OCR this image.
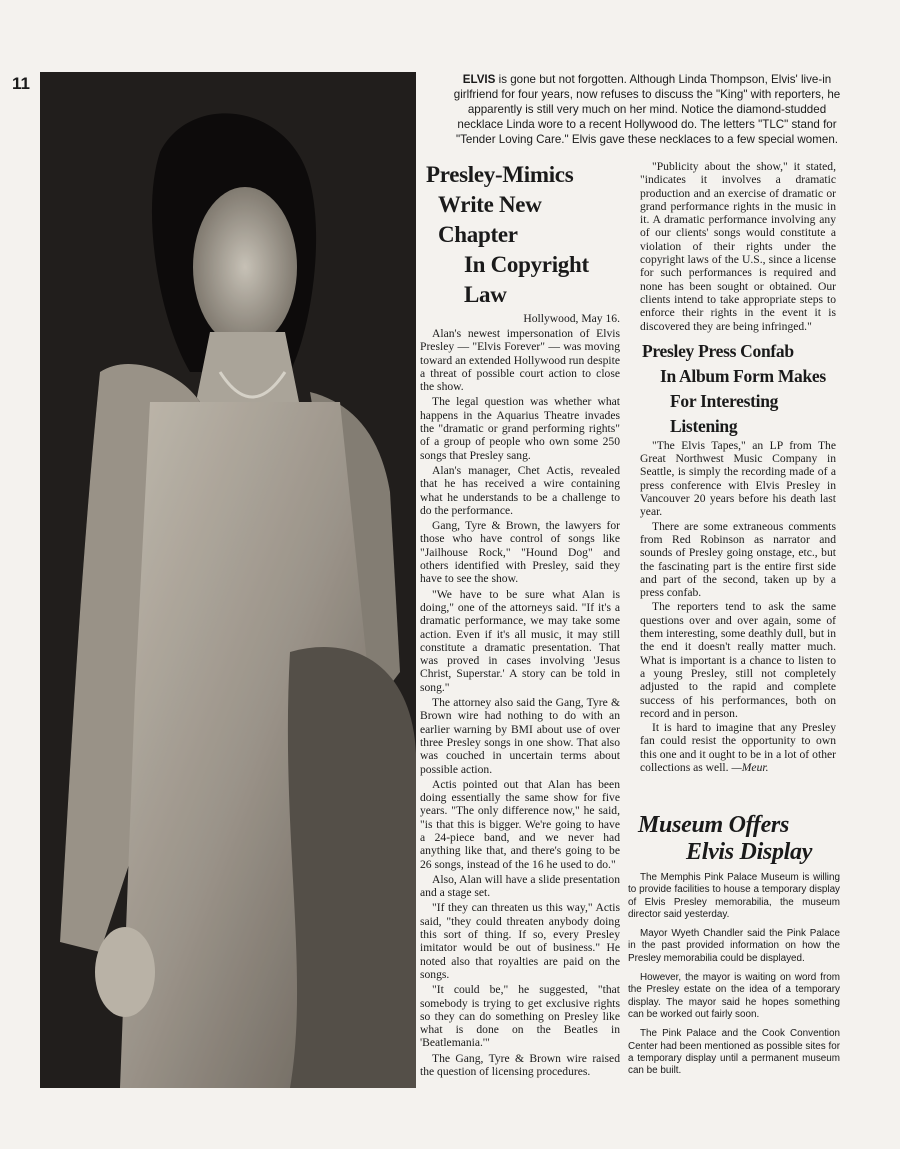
11	ELVIS is gone but not forgotten. Although Linda Thompson, Elvis' live-in girlfriend for four years, now refuses to discuss the "King" with reporters, he apparently is still very much on her mind. Notice the diamond-studded necklace Linda wore to a recent Hollywood do. The letters "TLC" stand for "Tender Loving Care." Elvis gave these necklaces to a few special women.

Presley-Mimics
Write New Chapter
In Copyright Law
Hollywood, May 16.

Alan's newest impersonation of Elvis Presley — "Elvis Forever" — was moving toward an extended Hollywood run despite a threat of possible court action to close the show.

The legal question was whether what happens in the Aquarius Theatre invades the "dramatic or grand performing rights" of a group of people who own some 250 songs that Presley sang.

Alan's manager, Chet Actis, revealed that he has received a wire containing what he understands to be a challenge to do the performance.

Gang, Tyre & Brown, the lawyers for those who have control of songs like "Jailhouse Rock," "Hound Dog" and others identified with Presley, said they have to see the show.

"We have to be sure what Alan is doing," one of the attorneys said. "If it's a dramatic performance, we may take some action. Even if it's all music, it may still constitute a dramatic presentation. That was proved in cases involving 'Jesus Christ, Superstar.' A story can be told in song."

The attorney also said the Gang, Tyre & Brown wire had nothing to do with an earlier warning by BMI about use of over three Presley songs in one show. That also was couched in uncertain terms about possible action.

Actis pointed out that Alan has been doing essentially the same show for five years. "The only difference now," he said, "is that this is bigger. We're going to have a 24-piece band, and we never had anything like that, and there's going to be 26 songs, instead of the 16 he used to do."

Also, Alan will have a slide presentation and a stage set.

"If they can threaten us this way," Actis said, "they could threaten anybody doing this sort of thing. If so, every Presley imitator would be out of business." He noted also that royalties are paid on the songs.

"It could be," he suggested, "that somebody is trying to get exclusive rights so they can do something on Presley like what is done on the Beatles in 'Beatlemania.'"

The Gang, Tyre & Brown wire raised the question of licensing procedures.

"Publicity about the show," it stated, "indicates it involves a dramatic production and an exercise of dramatic or grand performance rights in the music in it. A dramatic performance involving any of our clients' songs would constitute a violation of their rights under the copyright laws of the U.S., since a license for such performances is required and none has been sought or obtained. Our clients intend to take appropriate steps to enforce their rights in the event it is discovered they are being infringed."

Presley Press Confab
In Album Form Makes
For Interesting Listening

"The Elvis Tapes," an LP from The Great Northwest Music Company in Seattle, is simply the recording made of a press conference with Elvis Presley in Vancouver 20 years before his death last year.

There are some extraneous comments from Red Robinson as narrator and sounds of Presley going onstage, etc., but the fascinating part is the entire first side and part of the second, taken up by a press confab.

The reporters tend to ask the same questions over and over again, some of them interesting, some deathly dull, but in the end it doesn't really matter much. What is important is a chance to listen to a young Presley, still not completely adjusted to the rapid and complete success of his performances, both on record and in person.

It is hard to imagine that any Presley fan could resist the opportunity to own this one and it ought to be in a lot of other collections as well. —Meur.

Museum Offers
Elvis Display

The Memphis Pink Palace Museum is willing to provide facilities to house a temporary display of Elvis Presley memorabilia, the museum director said yesterday.

Mayor Wyeth Chandler said the Pink Palace in the past provided information on how the Presley memorabilia could be displayed.

However, the mayor is waiting on word from the Presley estate on the idea of a temporary display. The mayor said he hopes something can be worked out fairly soon.

The Pink Palace and the Cook Convention Center had been mentioned as possible sites for a temporary display until a permanent museum can be built.
